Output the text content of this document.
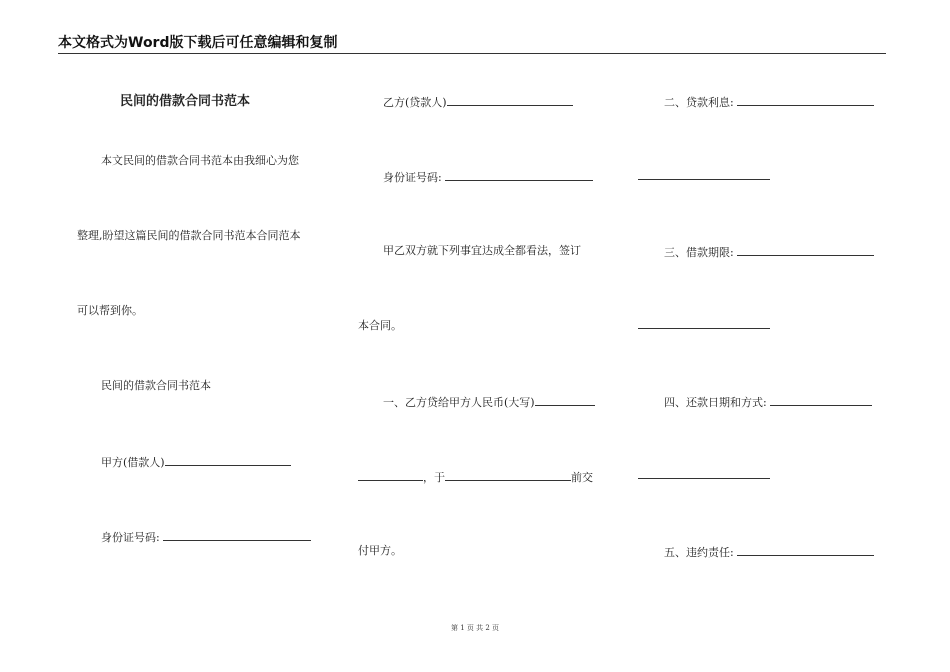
本文格式为Word版下载后可任意编辑和复制
民间的借款合同书范本
本文民间的借款合同书范本由我细心为您
整理,盼望这篇民间的借款合同书范本合同范本
可以帮到你。
民间的借款合同书范本
甲方(借款人)
身份证号码:
乙方(贷款人)
身份证号码:
甲乙双方就下列事宜达成全都看法，签订
本合同。
一、乙方贷给甲方人民币(大写)
，于	前交
付甲方。
二、贷款利息:
三、借款期限:
四、还款日期和方式:
五、违约责任:
第 1 页 共 2 页
